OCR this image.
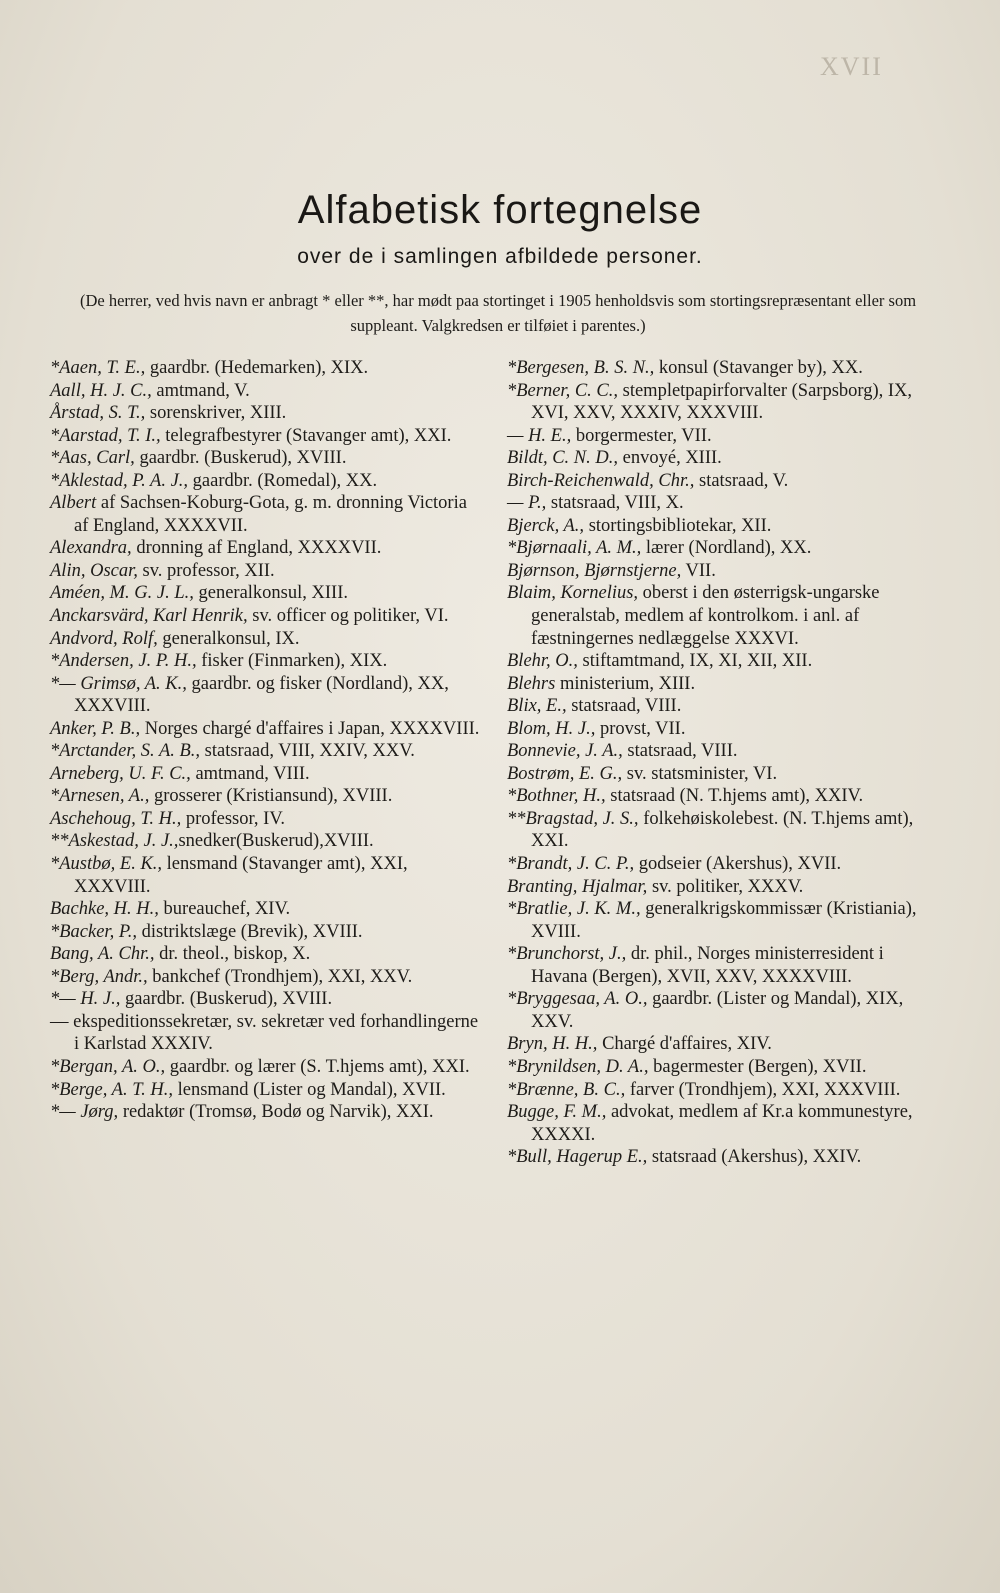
XVII
Alfabetisk fortegnelse
over de i samlingen afbildede personer.
(De herrer, ved hvis navn er anbragt * eller **, har mødt paa stortinget i 1905 henholdsvis som stortingsrepræsentant eller som suppleant. Valgkredsen er tilføiet i parentes.)

*Aaen, T. E., gaardbr. (Hedemarken), XIX.

Aall, H. J. C., amtmand, V.

Årstad, S. T., sorenskriver, XIII.

*Aarstad, T. I., telegrafbestyrer (Stavanger amt), XXI.

*Aas, Carl, gaardbr. (Buskerud), XVIII.

*Aklestad, P. A. J., gaardbr. (Romedal), XX.

Albert af Sachsen-Koburg-Gota, g. m. dronning Victoria af England, XXXXVII.

Alexandra, dronning af England, XXXXVII.

Alin, Oscar, sv. professor, XII.

Améen, M. G. J. L., generalkonsul, XIII.

Anckarsvärd, Karl Henrik, sv. officer og politiker, VI.

Andvord, Rolf, generalkonsul, IX.

*Andersen, J. P. H., fisker (Finmarken), XIX.

*— Grimsø, A. K., gaardbr. og fisker (Nordland), XX, XXXVIII.

Anker, P. B., Norges chargé d'affaires i Japan, XXXXVIII.

*Arctander, S. A. B., statsraad, VIII, XXIV, XXV.

Arneberg, U. F. C., amtmand, VIII.

*Arnesen, A., grosserer (Kristiansund), XVIII.

Aschehoug, T. H., professor, IV.

**Askestad, J. J.,snedker(Buskerud),XVIII.

*Austbø, E. K., lensmand (Stavanger amt), XXI, XXXVIII.

Bachke, H. H., bureauchef, XIV.

*Backer, P., distriktslæge (Brevik), XVIII.

Bang, A. Chr., dr. theol., biskop, X.

*Berg, Andr., bankchef (Trondhjem), XXI, XXV.

*— H. J., gaardbr. (Buskerud), XVIII.

— ekspeditionssekretær, sv. sekretær ved forhandlingerne i Karlstad XXXIV.

*Bergan, A. O., gaardbr. og lærer (S. T.hjems amt), XXI.

*Berge, A. T. H., lensmand (Lister og Mandal), XVII.

*— Jørg, redaktør (Tromsø, Bodø og Narvik), XXI.

*Bergesen, B. S. N., konsul (Stavanger by), XX.

*Berner, C. C., stempletpapirforvalter (Sarpsborg), IX, XVI, XXV, XXXIV, XXXVIII.

— H. E., borgermester, VII.

Bildt, C. N. D., envoyé, XIII.

Birch-Reichenwald, Chr., statsraad, V.

— P., statsraad, VIII, X.

Bjerck, A., stortingsbibliotekar, XII.

*Bjørnaali, A. M., lærer (Nordland), XX.

Bjørnson, Bjørnstjerne, VII.

Blaim, Kornelius, oberst i den østerrigsk-ungarske generalstab, medlem af kontrolkom. i anl. af fæstningernes nedlæggelse XXXVI.

Blehr, O., stiftamtmand, IX, XI, XII, XII.

Blehrs ministerium, XIII.

Blix, E., statsraad, VIII.

Blom, H. J., provst, VII.

Bonnevie, J. A., statsraad, VIII.

Bostrøm, E. G., sv. statsminister, VI.

*Bothner, H., statsraad (N. T.hjems amt), XXIV.

**Bragstad, J. S., folkehøiskolebest. (N. T.hjems amt), XXI.

*Brandt, J. C. P., godseier (Akershus), XVII.

Branting, Hjalmar, sv. politiker, XXXV.

*Bratlie, J. K. M., generalkrigskommissær (Kristiania), XVIII.

*Brunchorst, J., dr. phil., Norges ministerresident i Havana (Bergen), XVII, XXV, XXXXVIII.

*Bryggesaa, A. O., gaardbr. (Lister og Mandal), XIX, XXV.

Bryn, H. H., Chargé d'affaires, XIV.

*Brynildsen, D. A., bagermester (Bergen), XVII.

*Brænne, B. C., farver (Trondhjem), XXI, XXXVIII.

Bugge, F. M., advokat, medlem af Kr.a kommunestyre, XXXXI.

*Bull, Hagerup E., statsraad (Akershus), XXIV.
